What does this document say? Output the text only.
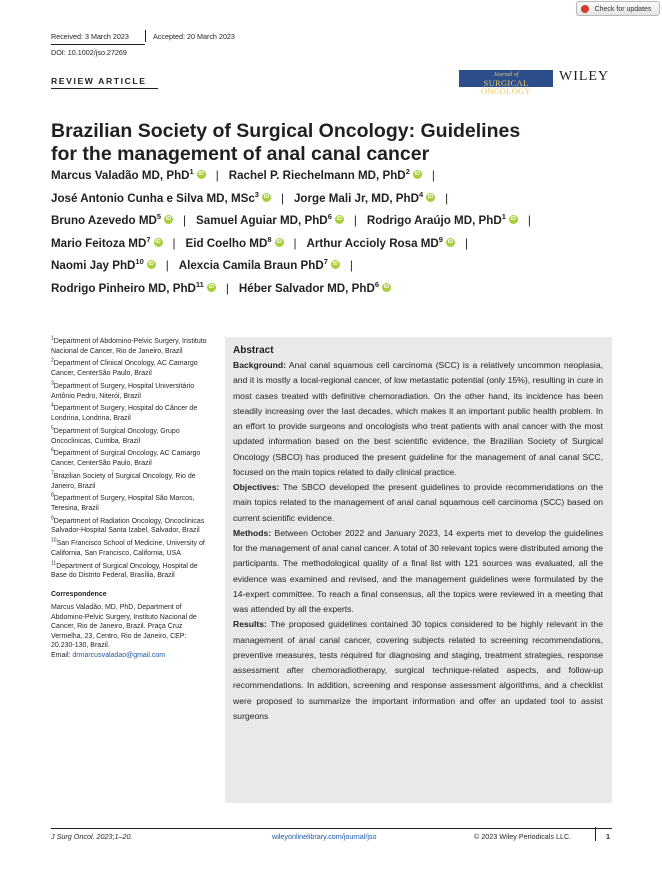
Check for updates
Received: 3 March 2023	Accepted: 20 March 2023
DOI: 10.1002/jso.27269
REVIEW ARTICLE
Journal of
SURGICAL ONCOLOGY
WILEY
Brazilian Society of Surgical Oncology: Guidelines
for the management of anal canal cancer
Marcus Valadão MD, PhD$^1$ iD | Rachel P. Riechelmann MD, PhD$^2$ iD |
José Antonio Cunha e Silva MD, MSc$^3$ iD | Jorge Mali Jr, MD, PhD$^4$ iD |
Bruno Azevedo $MD^5$ iD | Samuel Aguiar MD, PhD$^6$ iD | Rodrigo Araújo MD, PhD$^1$ iD |
Mario Feitoza $MD^7$ iD | Eid Coelho $MD^8$ iD | Arthur Accioly Rosa $MD^9$ iD |
Naomi Jay PhD$^{10}$ iD | Alexcia Camila Braun PhD$^7$ iD |
Rodrigo Pinheiro MD, PhD$^{11}$ iD | Héber Salvador MD, PhD$^6$ iD

$^1$Department of Abdomino-Pelvic Surgery, Instituto Nacional de Cancer, Rio de Janeiro, Brazil

$^2$Department of Clinical Oncology, AC Camargo Cancer, CenterSão Paulo, Brazil

$^3$Department of Surgery, Hospital Universitário Antônio Pedro, Niterói, Brazil

$^4$Department of Surgery, Hospital do Câncer de Londrina, Londrina, Brazil

$^5$Department of Surgical Oncology, Grupo Oncoclinicas, Curitiba, Brazil

$^6$Department of Surgical Oncology, AC Camargo Cancer, CenterSão Paulo, Brazil

$^7$Brazilian Society of Surgical Oncology, Rio de Janeiro, Brazil

$^8$Department of Surgery, Hospital São Marcos, Teresina, Brazil

$^9$Department of Radiation Oncology, Oncoclinicas Salvador-Hospital Santa Izabel, Salvador, Brazil

$^{10}$San Francisco School of Medicine, University of California, San Francisco, California, USA

$^{11}$Department of Surgical Oncology, Hospital de Base do Distrito Federal, Brasília, Brazil

Correspondence

Marcus Valadão, MD, PhD, Department of Abdomino-Pelvic Surgery, Instituto Nacional de Cancer, Rio de Janeiro, Brazil. Praça Cruz Vermelha, 23, Centro, Rio de Janeiro, CEP: 20.230-130, Brazil.

Email: drmarcusvaladao@gmail.com

Abstract

Background: Anal canal squamous cell carcinoma (SCC) is a relatively uncommon neoplasia, and it is mostly a local-regional cancer, of low metastatic potential (only 15%), resulting in cure in most cases treated with definitive chemoradiation. On the other hand, its incidence has been steadily increasing over the last decades, which makes it an important public health problem. In an effort to provide surgeons and oncologists who treat patients with anal cancer with the most updated information based on the best scientific evidence, the Brazilian Society of Surgical Oncology (SBCO) has produced the present guideline for the management of anal canal SCC, focused on the main topics related to daily clinical practice.

Objectives: The SBCO developed the present guidelines to provide recommendations on the main topics related to the management of anal canal squamous cell carcinoma (SCC) based on current scientific evidence.

Methods: Between October 2022 and January 2023, 14 experts met to develop the guidelines for the management of anal canal cancer. A total of 30 relevant topics were distributed among the participants. The methodological quality of a final list with 121 sources was evaluated, all the evidence was examined and revised, and the management guidelines were formulated by the 14-expert committee. To reach a final consensus, all the topics were reviewed in a meeting that was attended by all the experts.

Results: The proposed guidelines contained 30 topics considered to be highly relevant in the management of anal canal cancer, covering subjects related to screening recommendations, preventive measures, tests required for diagnosing and staging, treatment strategies, response assessment after chemoradiotherapy, surgical technique-related aspects, and follow-up recommendations. In addition, screening and response assessment algorithms, and a checklist were proposed to summarize the important information and offer an updated tool to assist surgeons

J Surg Oncol. 2023;1–20.	wileyonlinelibrary.com/journal/jso	© 2023 Wiley Periodicals LLC.	1
